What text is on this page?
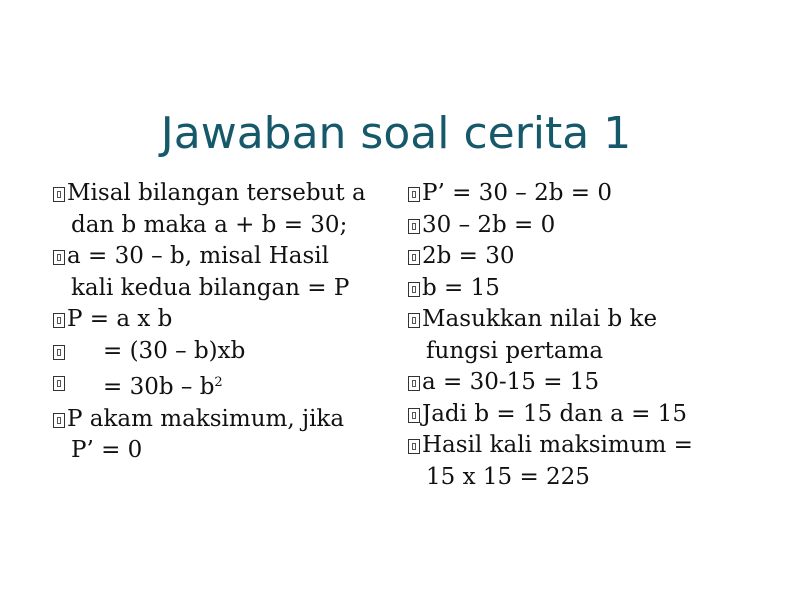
Jawaban soal cerita 1
Misal bilangan tersebut a
dan b maka a + b = 30;
a = 30 – b, misal Hasil
kali kedua bilangan = P
P = a x b
= (30 – b)xb
= $30b - b^2$
P akam maksimum, jika
P’ = 0
P’ = 30 – 2b = 0
30 – 2b = 0
2b = 30
b = 15
Masukkan nilai b ke
fungsi pertama
a = 30-15 = 15
Jadi b = 15 dan a = 15
Hasil kali maksimum =
15 x 15 = 225
